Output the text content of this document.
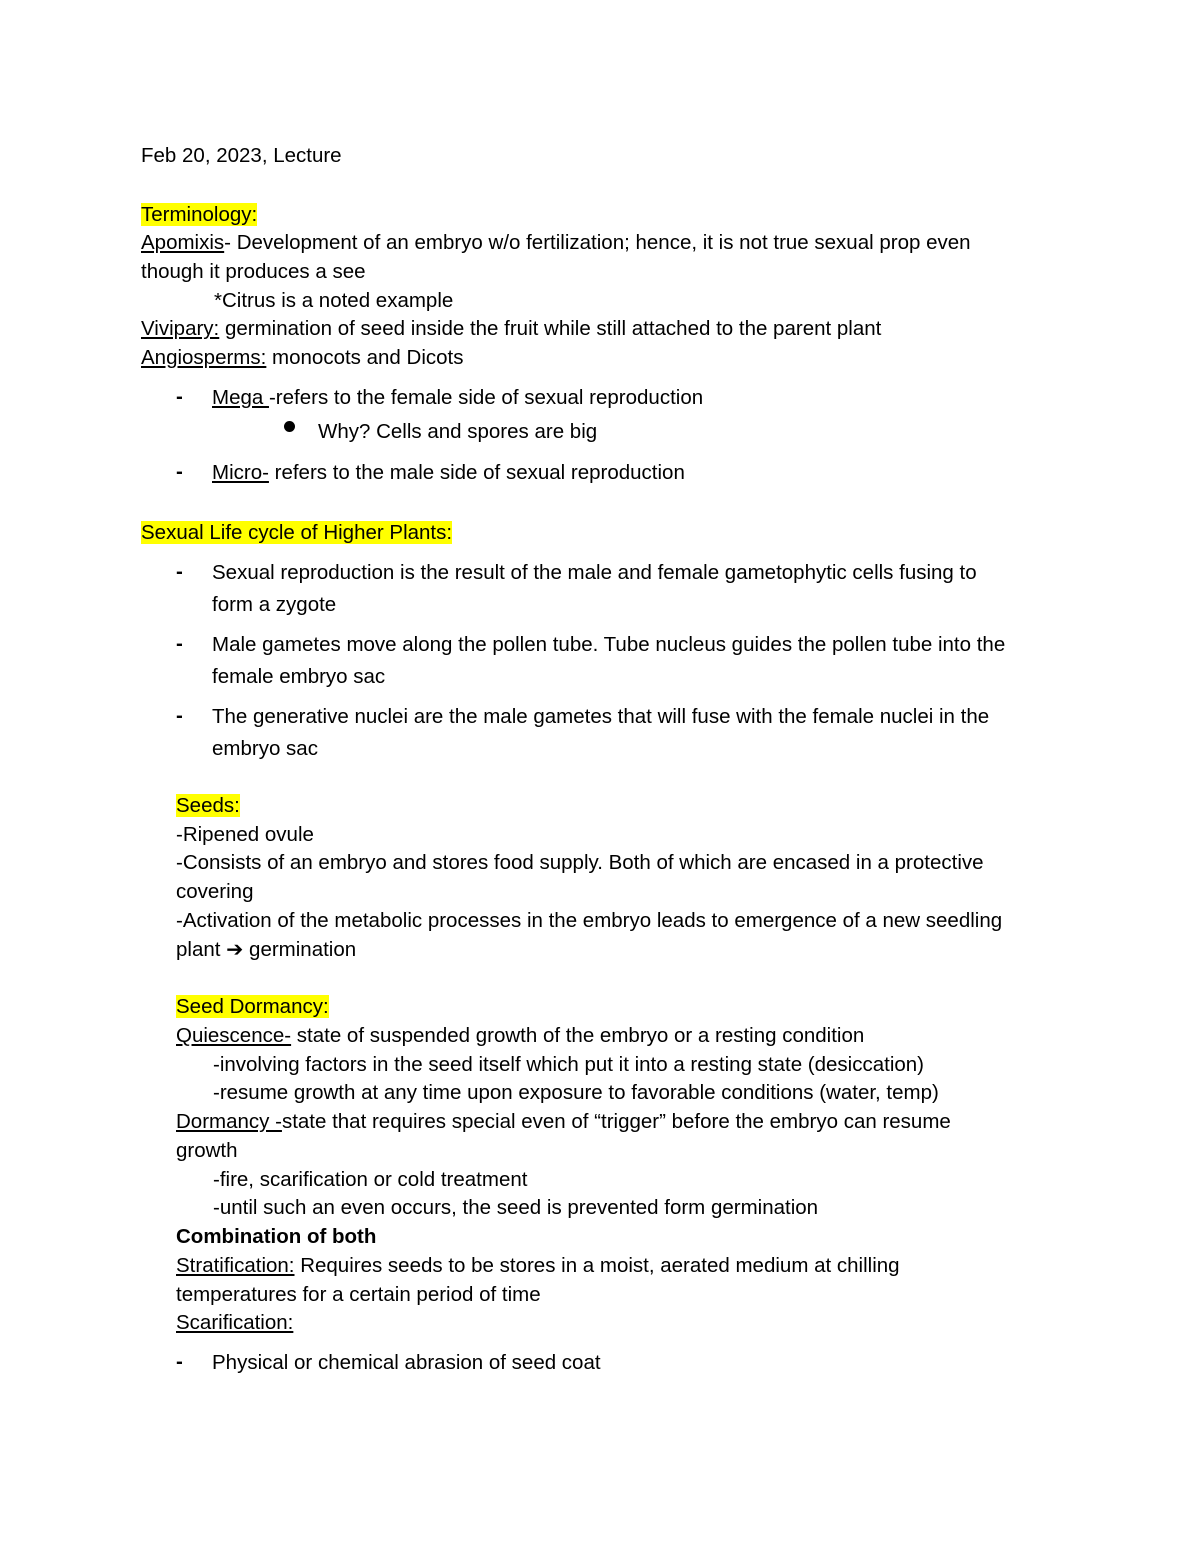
Feb 20, 2023, Lecture
Terminology:
Apomixis- Development of an embryo w/o fertilization; hence, it is not true sexual prop even
though it produces a see
*Citrus is a noted example
Vivipary: germination of seed inside the fruit while still attached to the parent plant
Angiosperms: monocots and Dicots
- Mega -refers to the female side of sexual reproduction
Why? Cells and spores are big
- Micro- refers to the male side of sexual reproduction
Sexual Life cycle of Higher Plants:
- Sexual reproduction is the result of the male and female gametophytic cells fusing to
form a zygote
- Male gametes move along the pollen tube. Tube nucleus guides the pollen tube into the
female embryo sac
- The generative nuclei are the male gametes that will fuse with the female nuclei in the
embryo sac
Seeds:
-Ripened ovule
-Consists of an embryo and stores food supply. Both of which are encased in a protective
covering
-Activation of the metabolic processes in the embryo leads to emergence of a new seedling
plant ➔ germination
Seed Dormancy:
Quiescence- state of suspended growth of the embryo or a resting condition
-involving factors in the seed itself which put it into a resting state (desiccation)
-resume growth at any time upon exposure to favorable conditions (water, temp)
Dormancy -state that requires special even of “trigger” before the embryo can resume
growth
-fire, scarification or cold treatment
-until such an even occurs, the seed is prevented form germination
Combination of both
Stratification: Requires seeds to be stores in a moist, aerated medium at chilling
temperatures for a certain period of time
Scarification:
- Physical or chemical abrasion of seed coat
